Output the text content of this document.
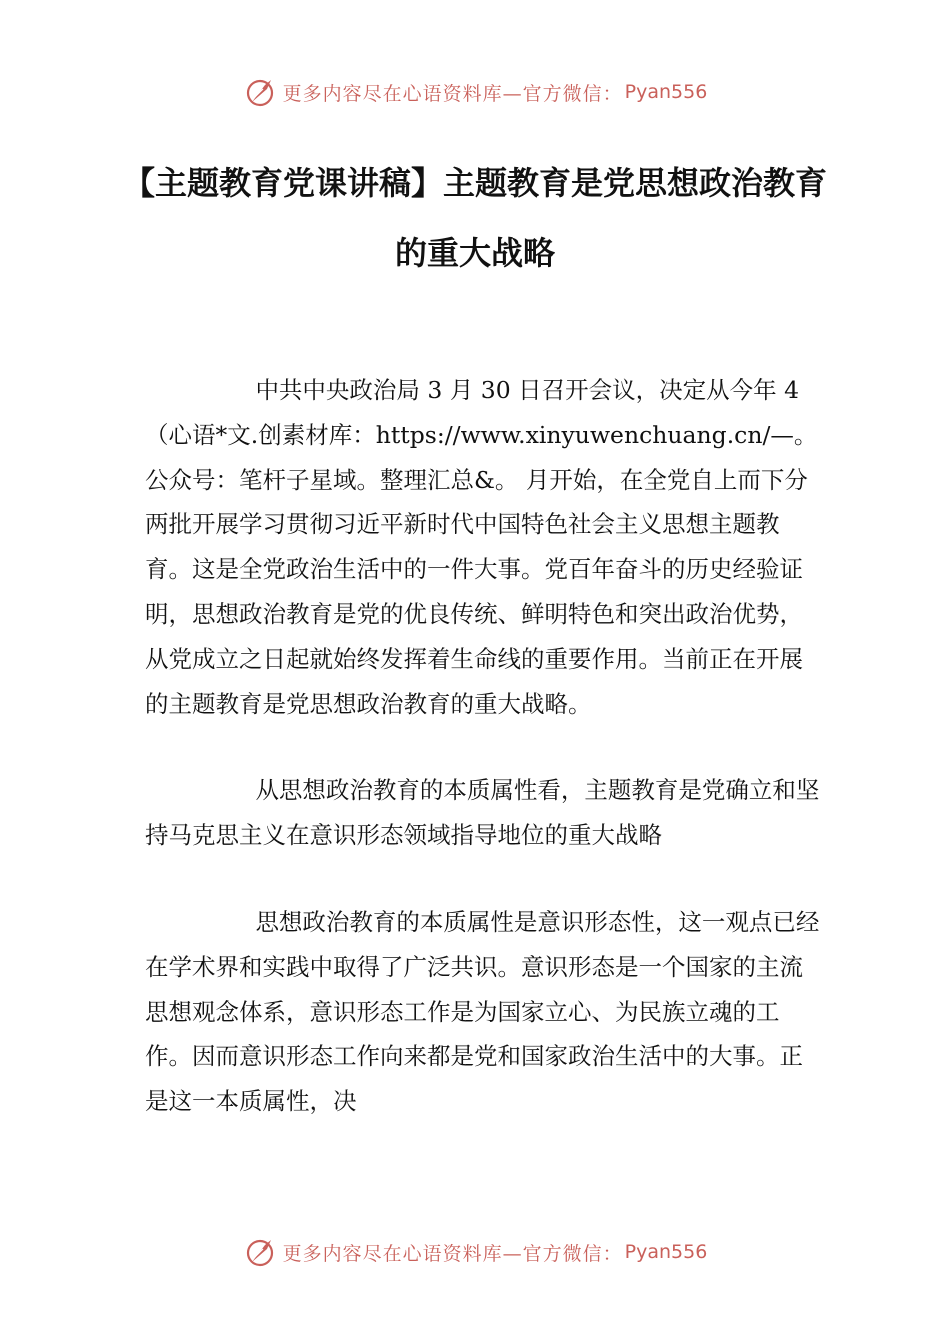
更多内容尽在心语资料库—官方微信： Pyan556
【主题教育党课讲稿】主题教育是党思想政治教育的重大战略

中共中央政治局 3 月 30 日召开会议，决定从今年 4（心语*文.创素材库：https://www.xinyuwenchuang.cn/—。公众号：笔杆子星域。整理汇总&。 月开始，在全党自上而下分两批开展学习贯彻习近平新时代中国特色社会主义思想主题教育。这是全党政治生活中的一件大事。党百年奋斗的历史经验证明，思想政治教育是党的优良传统、鲜明特色和突出政治优势， 从党成立之日起就始终发挥着生命线的重要作用。当前正在开展的主题教育是党思想政治教育的重大战略。

从思想政治教育的本质属性看，主题教育是党确立和坚持马克思主义在意识形态领域指导地位的重大战略

思想政治教育的本质属性是意识形态性，这一观点已经在学术界和实践中取得了广泛共识。意识形态是一个国家的主流思想观念体系，意识形态工作是为国家立心、为民族立魂的工作。因而意识形态工作向来都是党和国家政治生活中的大事。正是这一本质属性，决

更多内容尽在心语资料库—官方微信： Pyan556
